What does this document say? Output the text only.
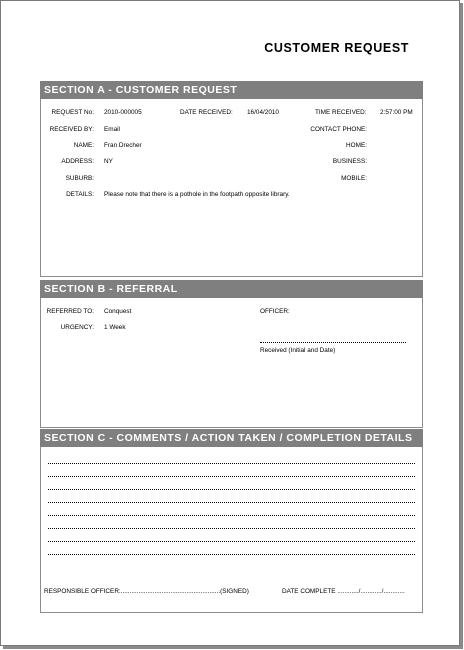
CUSTOMER REQUEST
SECTION A - CUSTOMER REQUEST
REQUEST No: 2010-000005	DATE RECEIVED: 16/04/2010	TIME RECEIVED: 2:57:00 PM
RECEIVED BY: Email	CONTACT PHONE:
NAME: Fran Drecher	HOME:
ADDRESS: NY	BUSINESS:
SUBURB:	MOBILE:
DETAILS: Please note that there is a pothole in the footpath opposite library.
SECTION B - REFERRAL
REFERRED TO: Conquest	OFFICER:
URGENCY: 1 Week
Received (Initial and Date)
SECTION C - COMMENTS / ACTION TAKEN / COMPLETION DETAILS
RESPONSIBLE OFFICER:........................................................(SIGNED)	DATE COMPLETE ............/............/............
